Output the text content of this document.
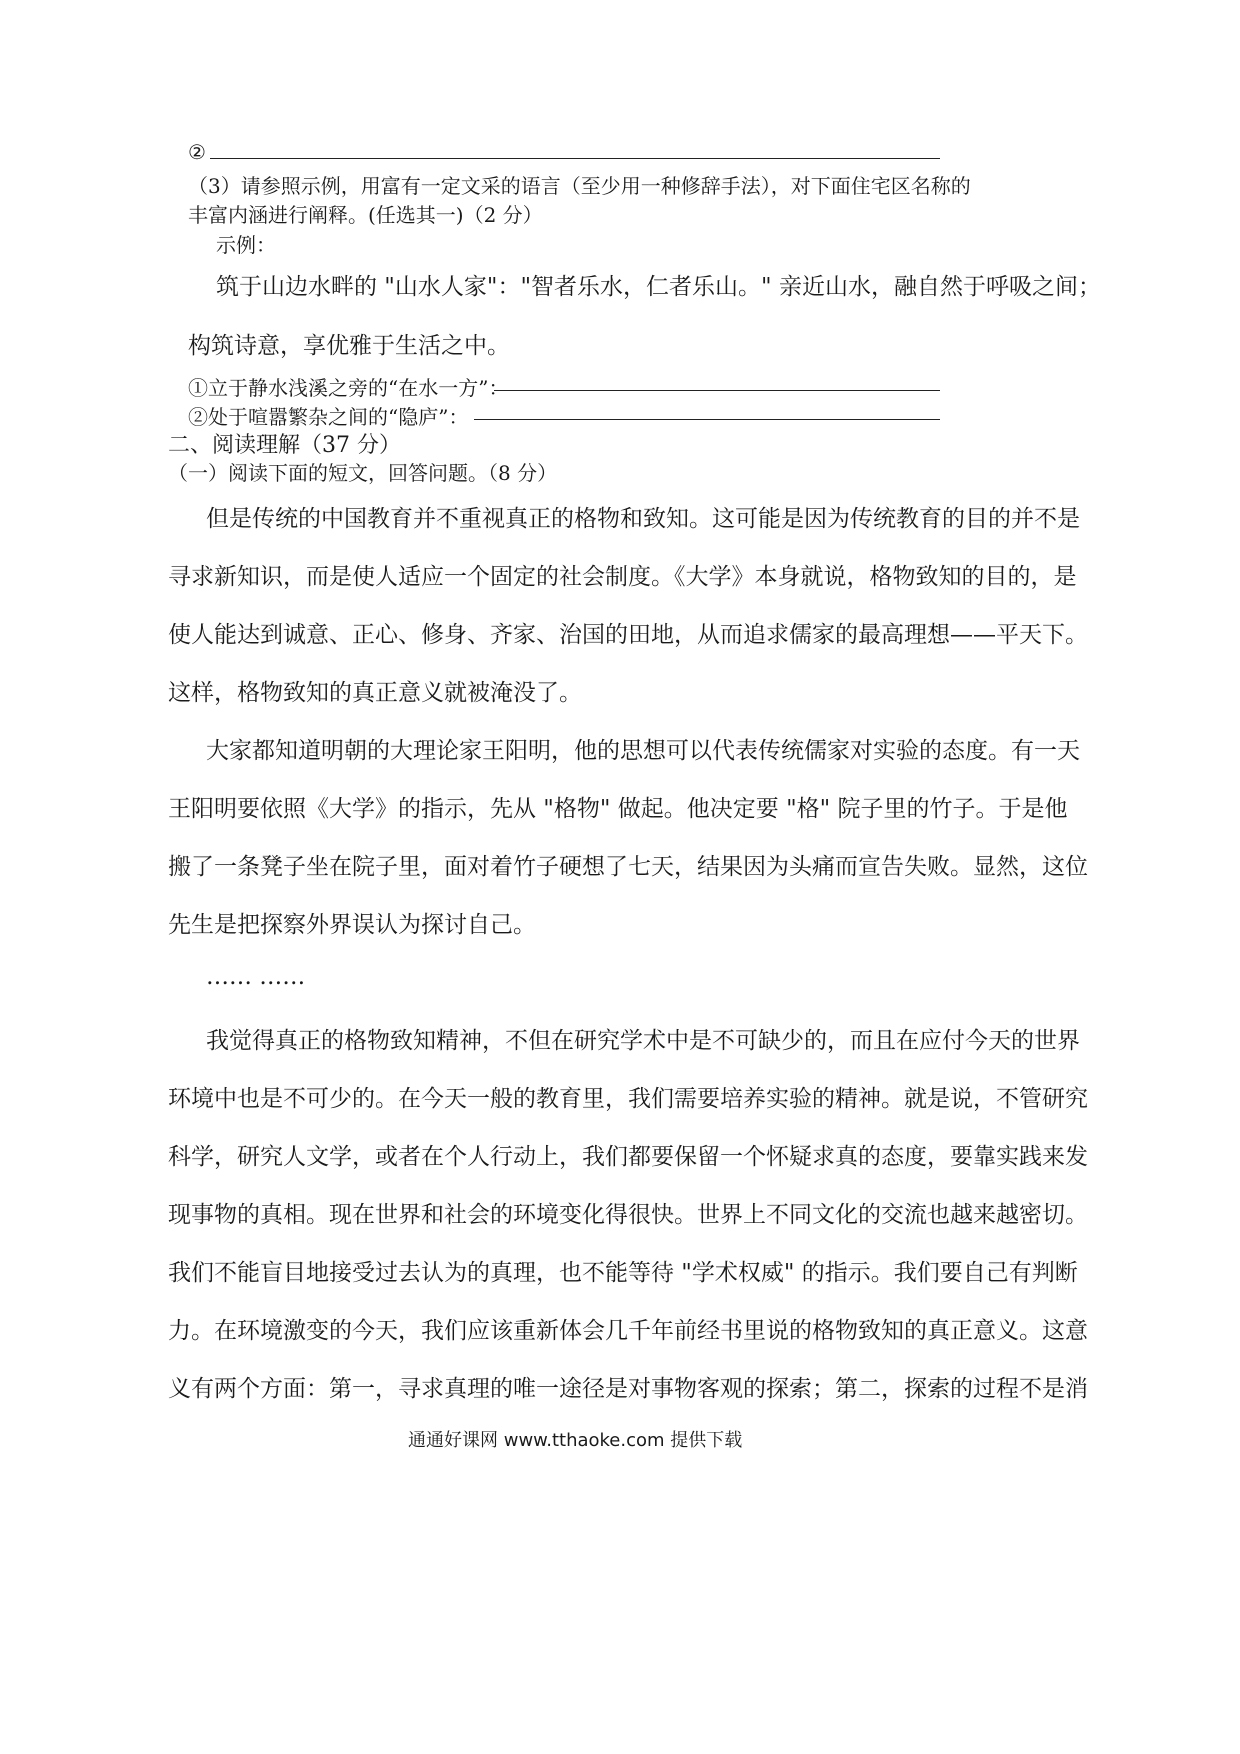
②
（3）请参照示例，用富有一定文采的语言（至少用一种修辞手法），对下面住宅区名称的
丰富内涵进行阐释。(任选其一)（2 分）
示例：
筑于山边水畔的 "山水人家"："智者乐水，仁者乐山。" 亲近山水，融自然于呼吸之间；
构筑诗意，享优雅于生活之中。
①立于静水浅溪之旁的“在水一方”：
②处于喧嚣繁杂之间的“隐庐”：
二、阅读理解（37 分）
（一）阅读下面的短文，回答问题。（8 分）
但是传统的中国教育并不重视真正的格物和致知。这可能是因为传统教育的目的并不是
寻求新知识，而是使人适应一个固定的社会制度。《大学》本身就说，格物致知的目的，是
使人能达到诚意、正心、修身、齐家、治国的田地，从而追求儒家的最高理想——平天下。
这样，格物致知的真正意义就被淹没了。
大家都知道明朝的大理论家王阳明，他的思想可以代表传统儒家对实验的态度。有一天
王阳明要依照《大学》的指示，先从 "格物" 做起。他决定要 "格" 院子里的竹子。于是他
搬了一条凳子坐在院子里，面对着竹子硬想了七天，结果因为头痛而宣告失败。显然，这位
先生是把探察外界误认为探讨自己。
…… ……
我觉得真正的格物致知精神，不但在研究学术中是不可缺少的，而且在应付今天的世界
环境中也是不可少的。在今天一般的教育里，我们需要培养实验的精神。就是说，不管研究
科学，研究人文学，或者在个人行动上，我们都要保留一个怀疑求真的态度，要靠实践来发
现事物的真相。现在世界和社会的环境变化得很快。世界上不同文化的交流也越来越密切。
我们不能盲目地接受过去认为的真理，也不能等待 "学术权威" 的指示。我们要自己有判断
力。在环境激变的今天，我们应该重新体会几千年前经书里说的格物致知的真正意义。这意
义有两个方面：第一，寻求真理的唯一途径是对事物客观的探索；第二，探索的过程不是消
通通好课网 www.tthaoke.com 提供下载
